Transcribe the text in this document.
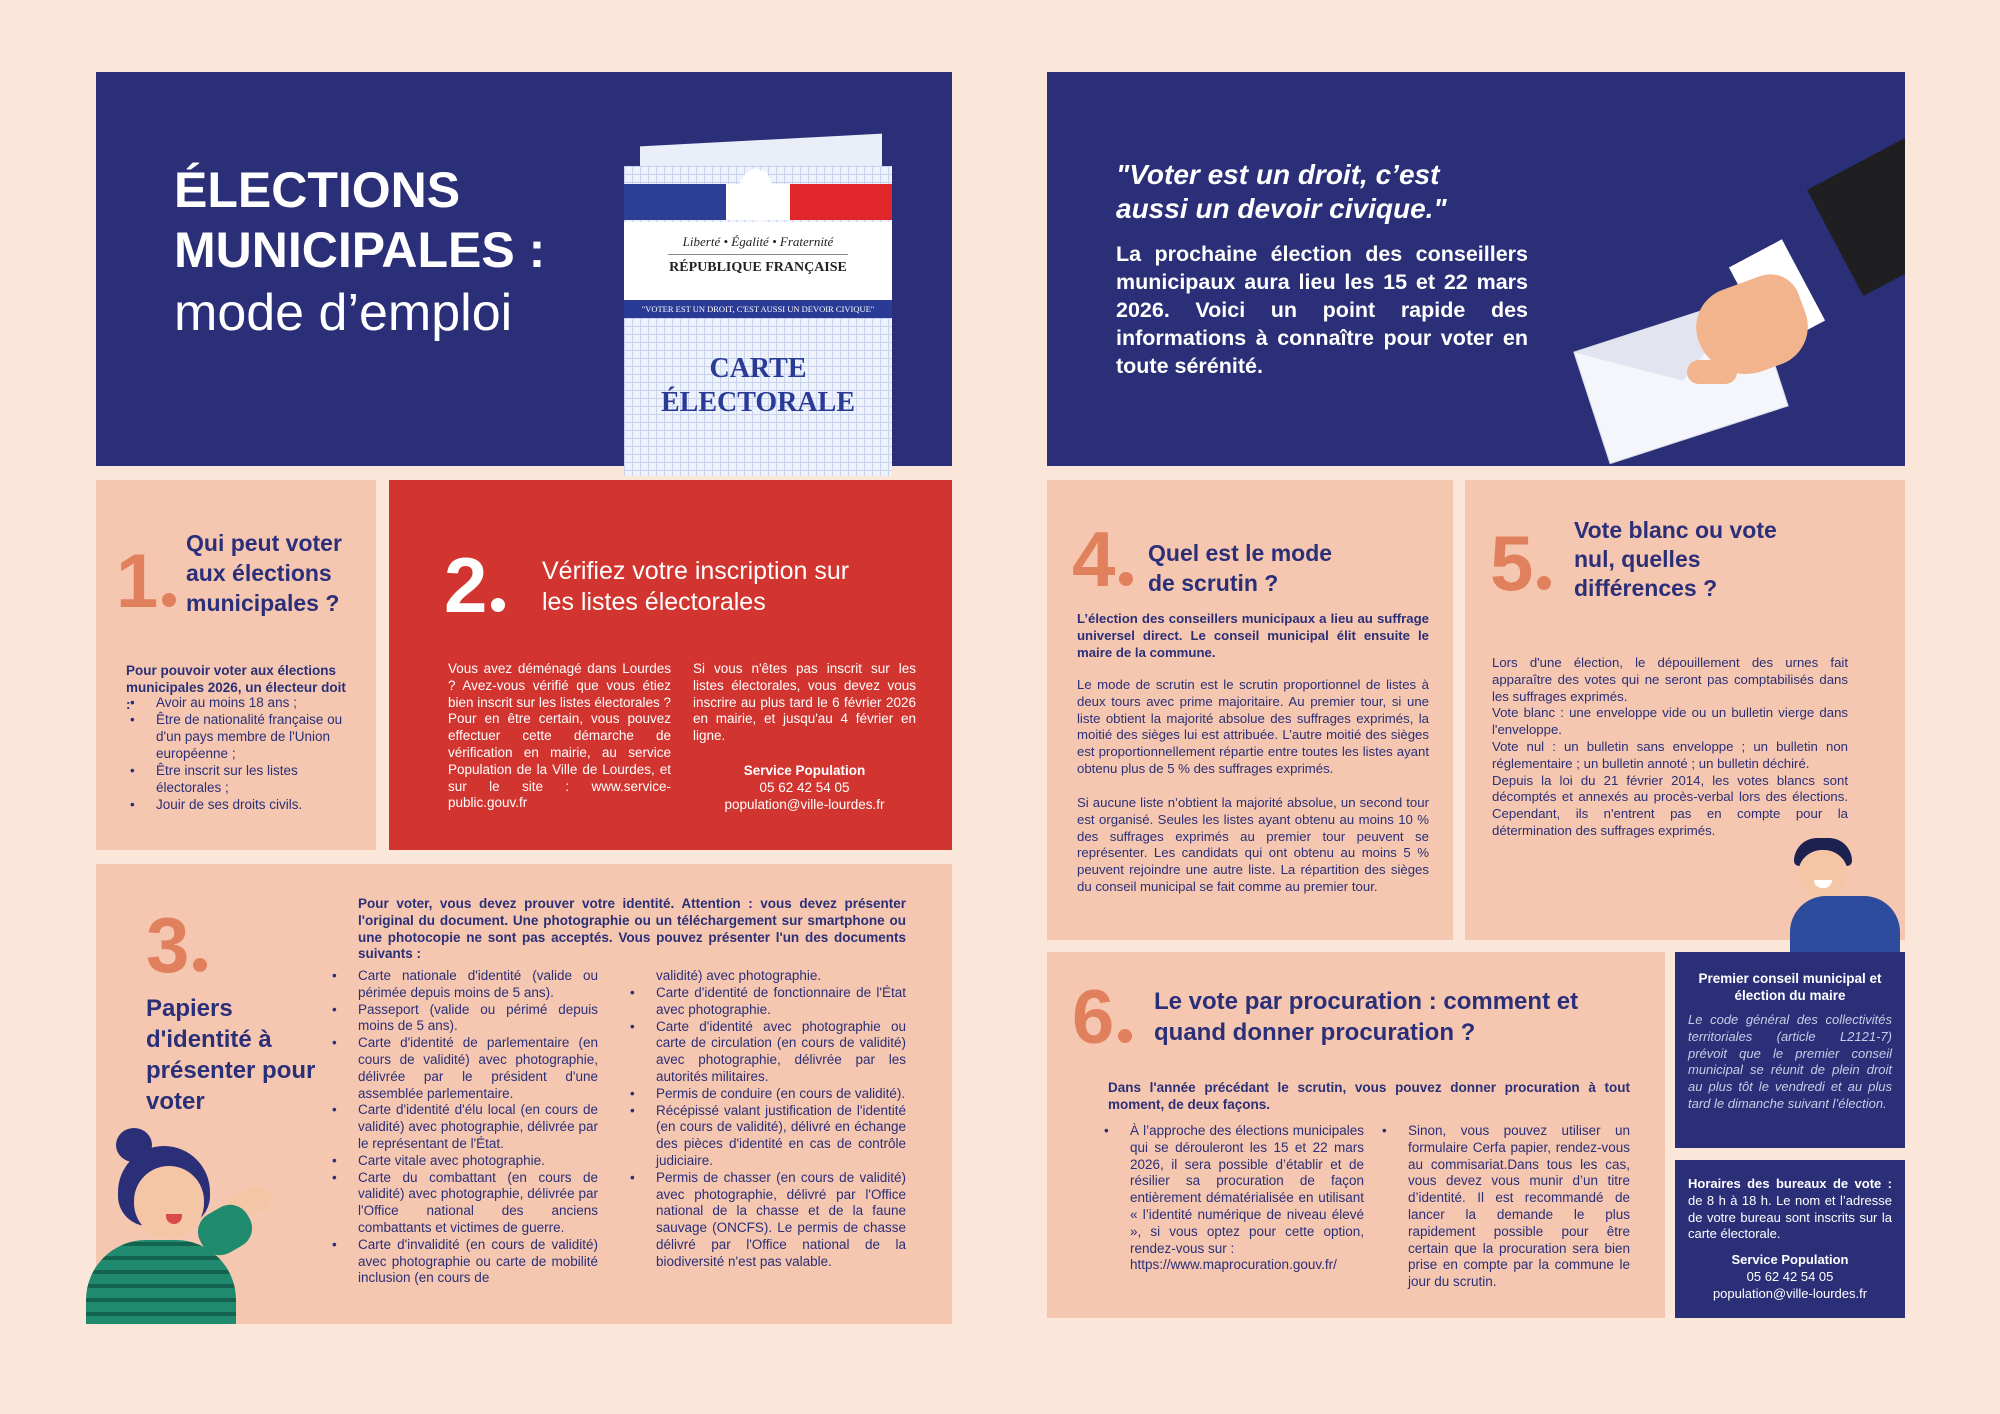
ÉLECTIONS
MUNICIPALES :
mode d’emploi
Liberté • Égalité • Fraternité
RÉPUBLIQUE FRANÇAISE
"VOTER EST UN DROIT, C'EST AUSSI UN DEVOIR CIVIQUE"
CARTE
ÉLECTORALE
"Voter est un droit, c’est
aussi un devoir civique."
La prochaine élection des conseillers municipaux aura lieu les 15 et 22 mars 2026. Voici un point rapide des informations à connaître pour voter en toute sérénité.
1	Qui peut voter aux élections municipales ?
Pour pouvoir voter aux élections municipales 2026, un électeur doit :
•	Avoir au moins 18 ans ;
• Être de nationalité française ou d'un pays membre de l'Union européenne ;
• Être inscrit sur les listes électorales ;
• Jouir de ses droits civils.
2	Vérifiez votre inscription sur les listes électorales
Vous avez déménagé dans Lourdes ? Avez-vous vérifié que vous étiez bien inscrit sur les listes électorales ? Pour en être certain, vous pouvez effectuer cette démarche de vérification en mairie, au service Population de la Ville de Lourdes, et sur le site : www.service-public.gouv.fr
Si vous n'êtes pas inscrit sur les listes électorales, vous devez vous inscrire au plus tard le 6 février 2026 en mairie, et jusqu'au 4 février en ligne.
Service Population
05 62 42 54 05
population@ville-lourdes.fr
3
Papiers d'identité à présenter pour voter
Pour voter, vous devez prouver votre identité. Attention : vous devez présenter l'original du document. Une photographie ou un téléchargement sur smartphone ou une photocopie ne sont pas acceptés. Vous pouvez présenter l'un des documents suivants :
• Carte nationale d'identité (valide ou périmée depuis moins de 5 ans).
• Passeport (valide ou périmé depuis moins de 5 ans).
• Carte d'identité de parlementaire (en cours de validité) avec photographie, délivrée par le président d'une assemblée parlementaire.
• Carte d'identité d'élu local (en cours de validité) avec photographie, délivrée par le représentant de l'État.
• Carte vitale avec photographie.
• Carte du combattant (en cours de validité) avec photographie, délivrée par l'Office national des anciens combattants et victimes de guerre.
• Carte d'invalidité (en cours de validité) avec photographie ou carte de mobilité inclusion (en cours de
validité) avec photographie.
• Carte d'identité de fonctionnaire de l'État avec photographie.
• Carte d'identité avec photographie ou carte de circulation (en cours de validité) avec photographie, délivrée par les autorités militaires.
• Permis de conduire (en cours de validité).
• Récépissé valant justification de l'identité (en cours de validité), délivré en échange des pièces d'identité en cas de contrôle judiciaire.
• Permis de chasser (en cours de validité) avec photographie, délivré par l'Office national de la chasse et de la faune sauvage (ONCFS). Le permis de chasse délivré par l'Office national de la biodiversité n'est pas valable.
4	Quel est le mode de scrutin ?
L’élection des conseillers municipaux a lieu au suffrage universel direct. Le conseil municipal élit ensuite le maire de la commune.
Le mode de scrutin est le scrutin proportionnel de listes à deux tours avec prime majoritaire. Au premier tour, si une liste obtient la majorité absolue des suffrages exprimés, la moitié des sièges lui est attribuée. L’autre moitié des sièges est proportionnellement répartie entre toutes les listes ayant obtenu plus de 5 % des suffrages exprimés.
Si aucune liste n’obtient la majorité absolue, un second tour est organisé. Seules les listes ayant obtenu au moins 10 % des suffrages exprimés au premier tour peuvent se représenter. Les candidats qui ont obtenu au moins 5 % peuvent rejoindre une autre liste. La répartition des sièges du conseil municipal se fait comme au premier tour.
5	Vote blanc ou vote nul, quelles différences ?
Lors d'une élection, le dépouillement des urnes fait apparaître des votes qui ne seront pas comptabilisés dans les suffrages exprimés.
Vote blanc : une enveloppe vide ou un bulletin vierge dans l'enveloppe.
Vote nul : un bulletin sans enveloppe ; un bulletin non réglementaire ; un bulletin annoté ; un bulletin déchiré.
Depuis la loi du 21 février 2014, les votes blancs sont décomptés et annexés au procès-verbal lors des élections. Cependant, ils n'entrent pas en compte pour la détermination des suffrages exprimés.
6	Le vote par procuration : comment et quand donner procuration ?
Dans l'année précédant le scrutin, vous pouvez donner procuration à tout moment, de deux façons.
• À l’approche des élections municipales qui se dérouleront les 15 et 22 mars 2026, il sera possible d’établir et de résilier sa procuration de façon entièrement dématérialisée en utilisant « l’identité numérique de niveau élevé », si vous optez pour cette option, rendez-vous sur :
https://www.maprocuration.gouv.fr/
• Sinon, vous pouvez utiliser un formulaire Cerfa papier, rendez-vous au commisariat.Dans tous les cas, vous devez vous munir d’un titre d’identité. Il est recommandé de lancer la demande le plus rapidement possible pour être certain que la procuration sera bien prise en compte par la commune le jour du scrutin.
Premier conseil municipal et élection du maire
Le code général des collectivités territoriales (article L2121-7) prévoit que le premier conseil municipal se réunit de plein droit au plus tôt le vendredi et au plus tard le dimanche suivant l’élection.
Horaires des bureaux de vote : de 8 h à 18 h. Le nom et l’adresse de votre bureau sont inscrits sur la carte électorale.
Service Population
05 62 42 54 05
population@ville-lourdes.fr
